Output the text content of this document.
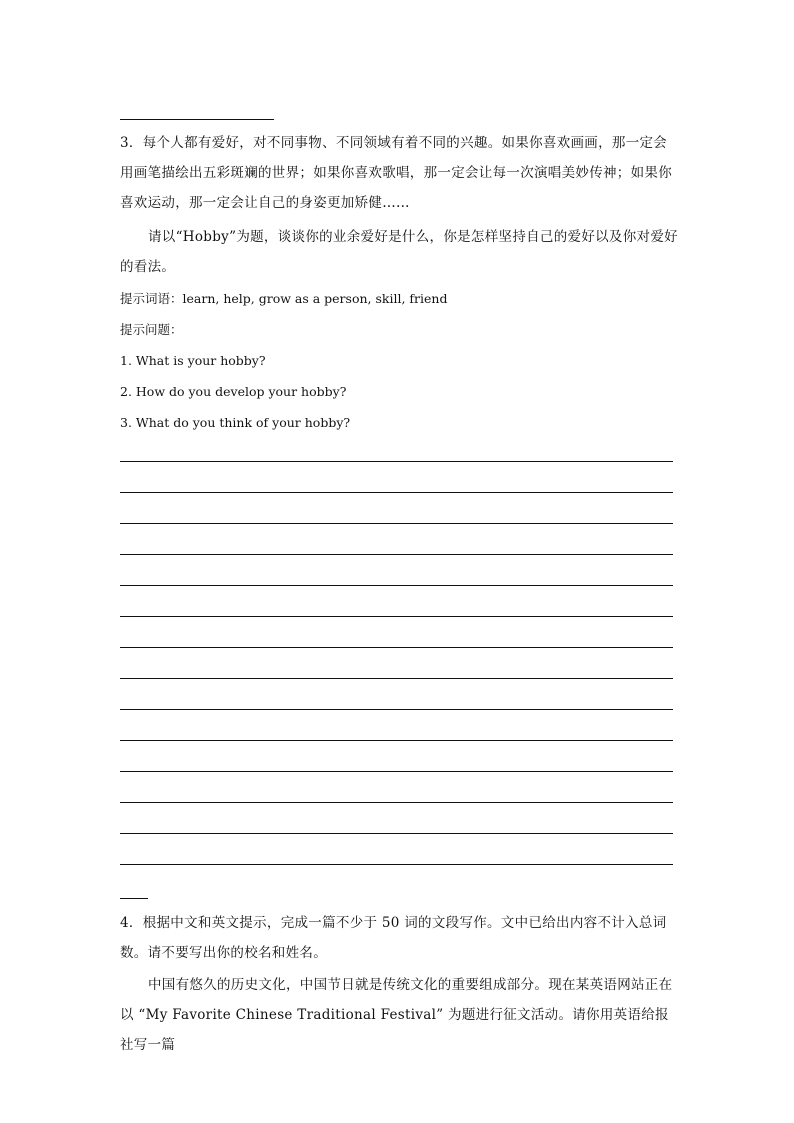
3．每个人都有爱好，对不同事物、不同领域有着不同的兴趣。如果你喜欢画画，那一定会用画笔描绘出五彩斑斓的世界；如果你喜欢歌唱，那一定会让每一次演唱美妙传神；如果你喜欢运动，那一定会让自己的身姿更加矫健……

请以“Hobby”为题，谈谈你的业余爱好是什么，你是怎样坚持自己的爱好以及你对爱好的看法。

提示词语：learn, help, grow as a person, skill, friend

提示问题：

1. What is your hobby?

2. How do you develop your hobby?

3. What do you think of your hobby?

4．根据中文和英文提示，完成一篇不少于 50 词的文段写作。文中已给出内容不计入总词数。请不要写出你的校名和姓名。

中国有悠久的历史文化，中国节日就是传统文化的重要组成部分。现在某英语网站正在以 “My Favorite Chinese Traditional Festival” 为题进行征文活动。请你用英语给报社写一篇
